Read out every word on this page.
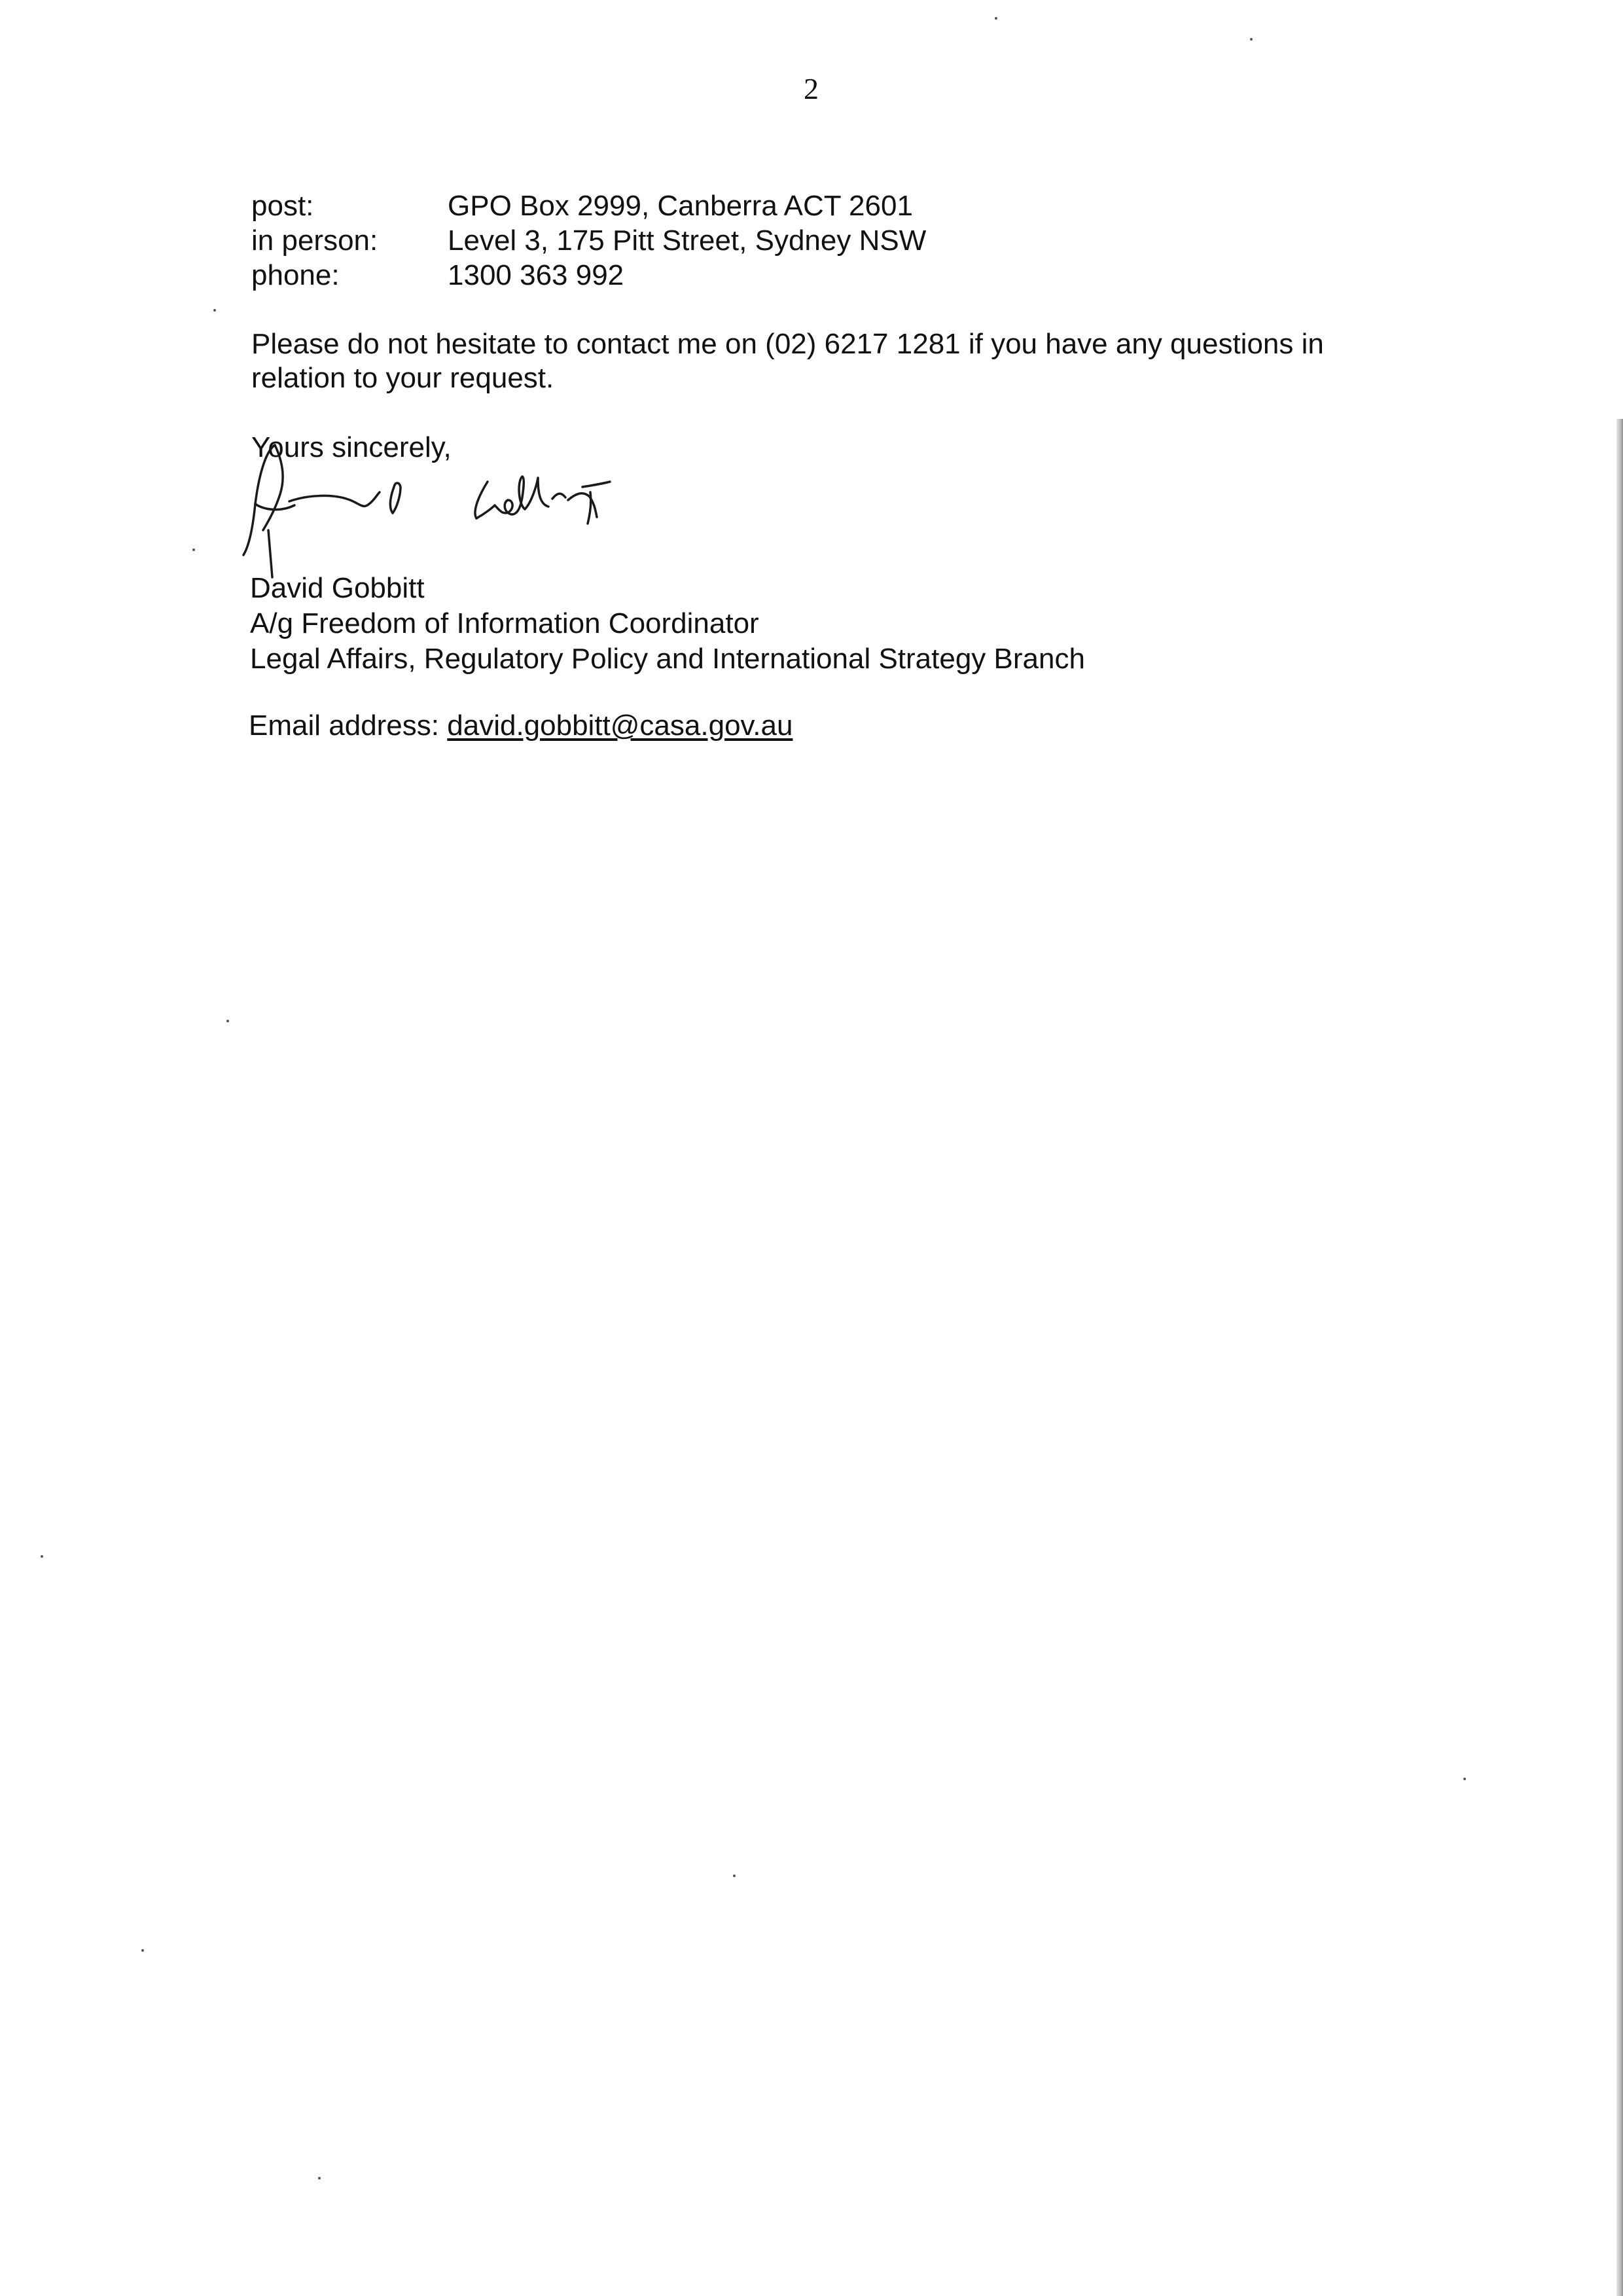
2
post:	GPO Box 2999, Canberra ACT 2601
in person:	Level 3, 175 Pitt Street, Sydney NSW
phone:	1300 363 992

Please do not hesitate to contact me on (02) 6217 1281 if you have any questions in relation to your request.

Yours sincerely,
David Gobbitt
A/g Freedom of Information Coordinator
Legal Affairs, Regulatory Policy and International Strategy Branch
Email address: david.gobbitt@casa.gov.au
